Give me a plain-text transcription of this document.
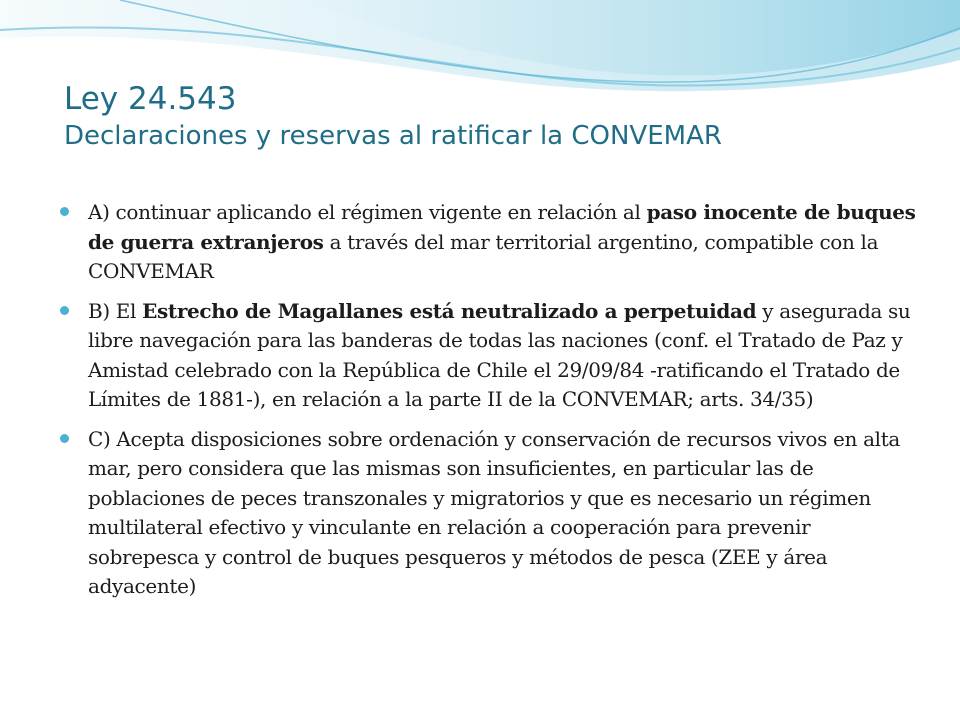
Ley 24.543
Declaraciones y reservas al ratificar la CONVEMAR
A) continuar aplicando el régimen vigente en relación al paso inocente de buques de guerra extranjeros a través del mar territorial argentino, compatible con la CONVEMAR
B) El Estrecho de Magallanes está neutralizado a perpetuidad y asegurada su libre navegación para las banderas de todas las naciones (conf. el Tratado de Paz y Amistad celebrado con la República de Chile el 29/09/84 -ratificando el Tratado de Límites de 1881-), en relación a la parte II de la CONVEMAR; arts. 34/35)
C) Acepta disposiciones sobre ordenación y conservación de recursos vivos en alta mar, pero considera que las mismas son insuficientes, en particular las de poblaciones de peces transzonales y migratorios y que es necesario un régimen multilateral efectivo y vinculante en relación a cooperación para prevenir sobrepesca y control de buques pesqueros y métodos de pesca (ZEE y área adyacente)
